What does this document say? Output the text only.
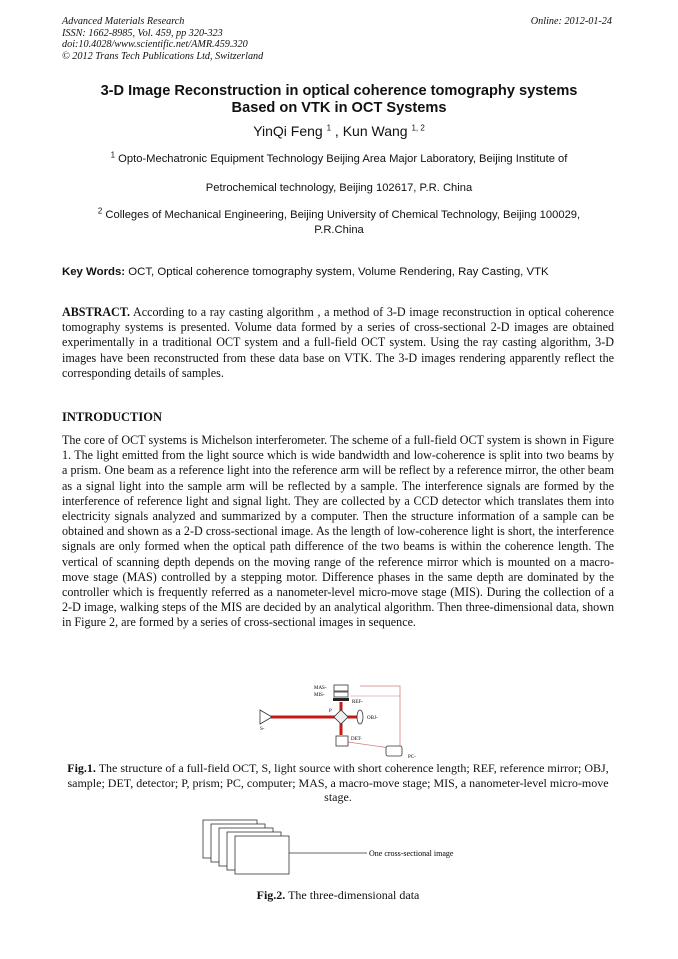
Advanced Materials Research
ISSN: 1662-8985, Vol. 459, pp 320-323
doi:10.4028/www.scientific.net/AMR.459.320
© 2012 Trans Tech Publications Ltd, Switzerland
Online: 2012-01-24
3-D Image Reconstruction in optical coherence tomography systems
Based on VTK in OCT Systems
YinQi Feng $^1$ , Kun Wang $^{1, 2}$
$^1$ Opto-Mechatronic Equipment Technology Beijing Area Major Laboratory, Beijing Institute of
Petrochemical technology, Beijing 102617, P.R. China
$^2$ Colleges of Mechanical Engineering, Beijing University of Chemical Technology, Beijing 100029,
P.R.China
Key Words: OCT, Optical coherence tomography system, Volume Rendering, Ray Casting, VTK
ABSTRACT. According to a ray casting algorithm , a method of 3-D image reconstruction in optical coherence tomography systems is presented. Volume data formed by a series of cross-sectional 2-D images are obtained experimentally in a traditional OCT system and a full-field OCT system. Using the ray casting algorithm, 3-D images have been reconstructed from these data base on VTK. The 3-D images rendering apparently reflect the corresponding details of samples.
INTRODUCTION
The core of OCT systems is Michelson interferometer. The scheme of a full-field OCT system is shown in Figure 1. The light emitted from the light source which is wide bandwidth and low-coherence is split into two beams by a prism. One beam as a reference light into the reference arm will be reflect by a reference mirror, the other beam as a signal light into the sample arm will be reflected by a sample. The interference signals are formed by the interference of reference light and signal light. They are collected by a CCD detector which translates them into electricity signals analyzed and summarized by a computer. Then the structure information of a sample can be obtained and shown as a 2-D cross-sectional image. As the length of low-coherence light is short, the interference signals are only formed when the optical path difference of the two beams is within the coherence length. The vertical of scanning depth depends on the moving range of the reference mirror which is mounted on a macro-move stage (MAS) controlled by a stepping motor. Difference phases in the same depth are dominated by the controller which is frequently referred as a nanometer-level micro-move stage (MIS). During the collection of a 2-D image, walking steps of the MIS are decided by an analytical algorithm. Then three-dimensional data, shown in Figure 2, are formed by a series of cross-sectional images in sequence.
MAS-
MIS-
REF-
P
OBJ-
S-
DET-
PC-
Fig.1. The structure of a full-field OCT, S, light source with short coherence length; REF, reference mirror; OBJ, sample; DET, detector; P, prism; PC, computer; MAS, a macro-move stage; MIS, a nanometer-level micro-move stage.
One cross-sectional image
Fig.2. The three-dimensional data
